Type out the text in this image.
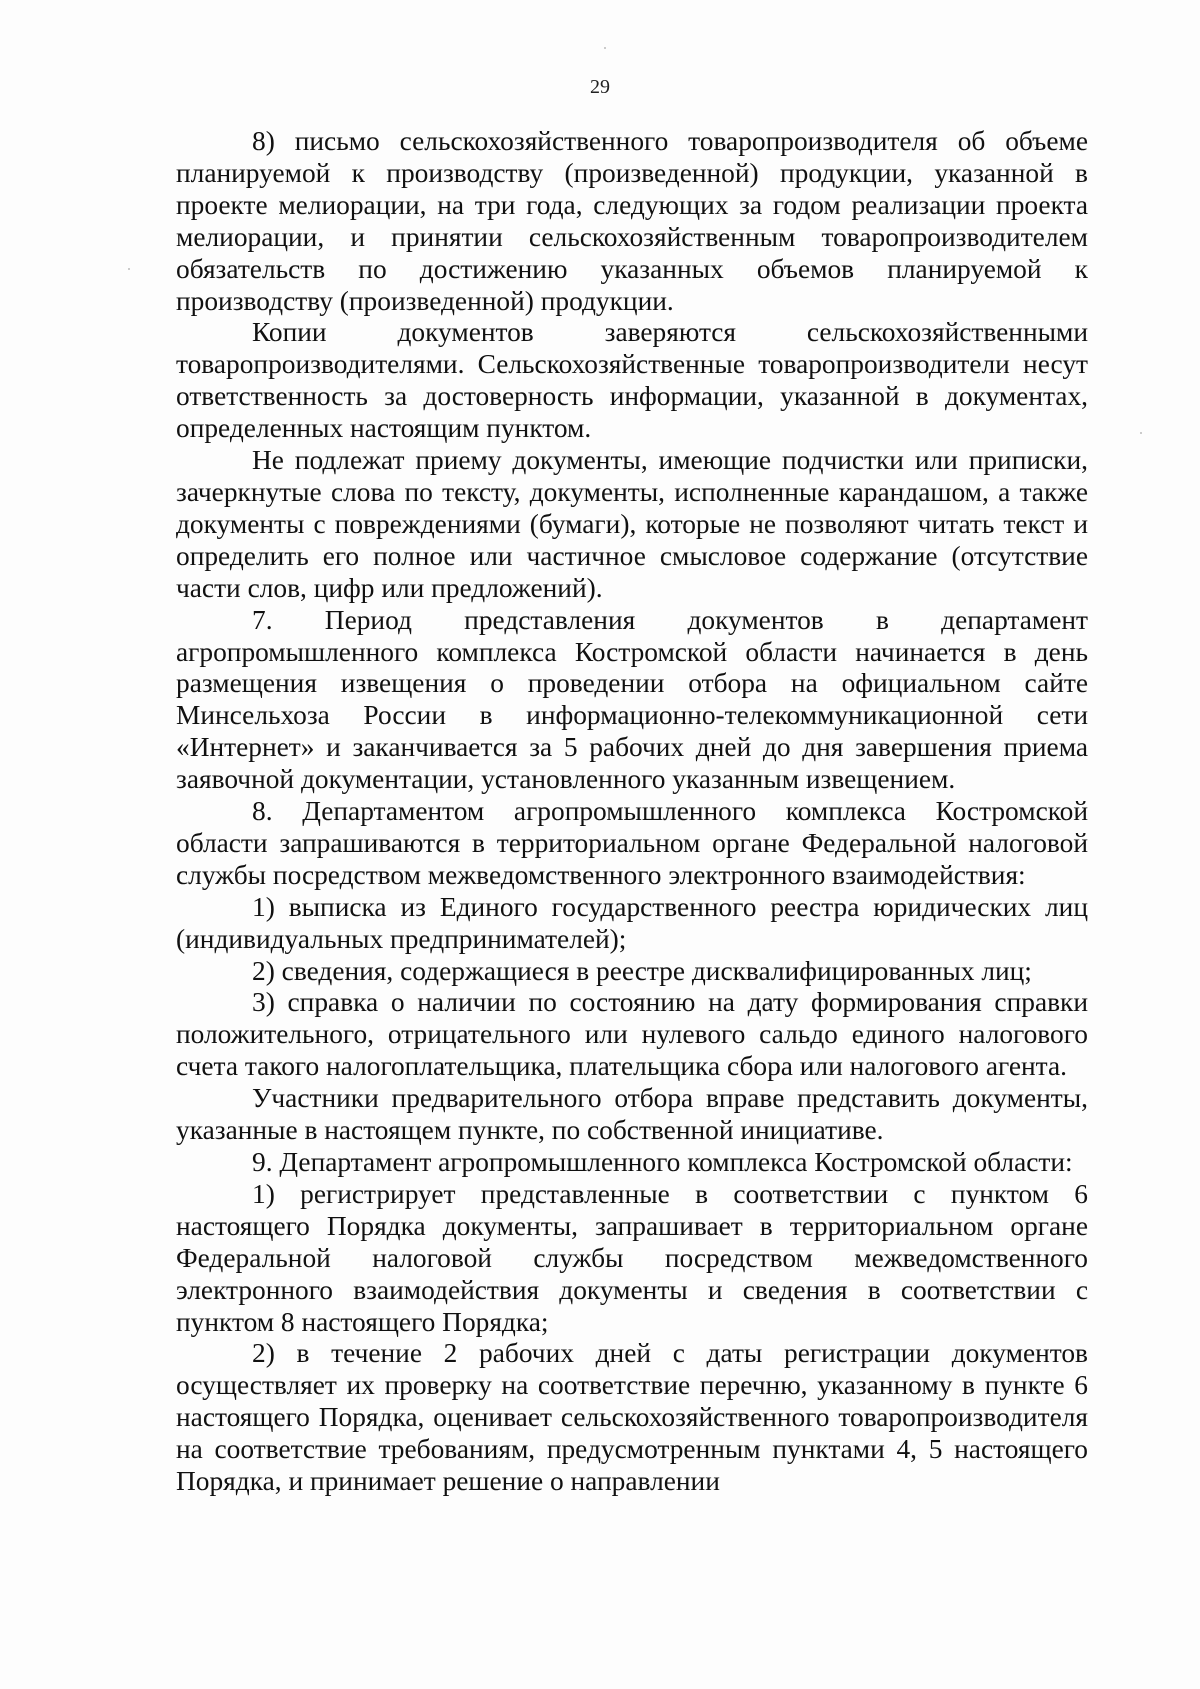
29

8) письмо сельскохозяйственного товаропроизводителя об объеме планируемой к производству (произведенной) продукции, указанной в проекте мелиорации, на три года, следующих за годом реализации проекта мелиорации, и принятии сельскохозяйственным товаропроизводителем обязательств по достижению указанных объемов планируемой к производству (произведенной) продукции.

Копии документов заверяются сельскохозяйственными товаропроизводителями. Сельскохозяйственные товаропроизводители несут ответственность за достоверность информации, указанной в документах, определенных настоящим пунктом.

Не подлежат приему документы, имеющие подчистки или приписки, зачеркнутые слова по тексту, документы, исполненные карандашом, а также документы с повреждениями (бумаги), которые не позволяют читать текст и определить его полное или частичное смысловое содержание (отсутствие части слов, цифр или предложений).

7. Период представления документов в департамент агропромышленного комплекса Костромской области начинается в день размещения извещения о проведении отбора на официальном сайте Минсельхоза России в информационно-телекоммуникационной сети «Интернет» и заканчивается за 5 рабочих дней до дня завершения приема заявочной документации, установленного указанным извещением.

8. Департаментом агропромышленного комплекса Костромской области запрашиваются в территориальном органе Федеральной налоговой службы посредством межведомственного электронного взаимодействия:

1) выписка из Единого государственного реестра юридических лиц (индивидуальных предпринимателей);

2) сведения, содержащиеся в реестре дисквалифицированных лиц;

3) справка о наличии по состоянию на дату формирования справки положительного, отрицательного или нулевого сальдо единого налогового счета такого налогоплательщика, плательщика сбора или налогового агента.

Участники предварительного отбора вправе представить документы, указанные в настоящем пункте, по собственной инициативе.

9. Департамент агропромышленного комплекса Костромской области:

1) регистрирует представленные в соответствии с пунктом 6 настоящего Порядка документы, запрашивает в территориальном органе Федеральной налоговой службы посредством межведомственного электронного взаимодействия документы и сведения в соответствии с пунктом 8 настоящего Порядка;

2) в течение 2 рабочих дней с даты регистрации документов осуществляет их проверку на соответствие перечню, указанному в пункте 6 настоящего Порядка, оценивает сельскохозяйственного товаропроизводителя на соответствие требованиям, предусмотренным пунктами 4, 5 настоящего Порядка, и принимает решение о направлении
